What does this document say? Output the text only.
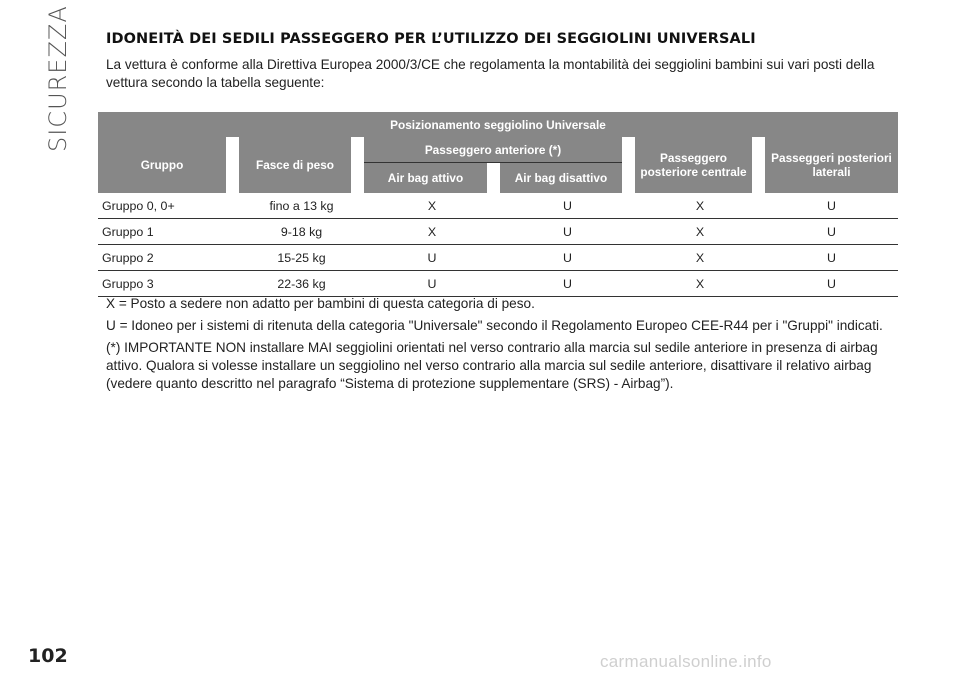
SICUREZZA IDONEITÀ DEI SEDILI PASSEGGERO PER L’UTILIZZO DEI SEGGIOLINI UNIVERSALI
La vettura è conforme alla Direttiva Europea 2000/3/CE che regolamenta la montabilità dei seggiolini bambini sui vari posti della vettura secondo la tabella seguente:
Posizionamento seggiolino Universale										
Gruppo		Fasce di peso		Passeggero anteriore (*)				Passeggero posteriore centrale		Passeggeri posteriori laterali
				Air bag attivo		Air bag disattivo				
Gruppo 0, 0+		fino a 13 kg		X		U		X		U
Gruppo 1		9-18 kg		X		U		X		U
Gruppo 2		15-25 kg		U		U		X		U
Gruppo 3		22-36 kg		U		U		X		U

X = Posto a sedere non adatto per bambini di questa categoria di peso.

U = Idoneo per i sistemi di ritenuta della categoria "Universale" secondo il Regolamento Europeo CEE-R44 per i "Gruppi" indicati.

(*) IMPORTANTE NON installare MAI seggiolini orientati nel verso contrario alla marcia sul sedile anteriore in presenza di airbag attivo. Qualora si volesse installare un seggiolino nel verso contrario alla marcia sul sedile anteriore, disattivare il relativo airbag (vedere quanto descritto nel paragrafo “Sistema di protezione supplementare (SRS) - Airbag”).

102	carmanualsonline.info
